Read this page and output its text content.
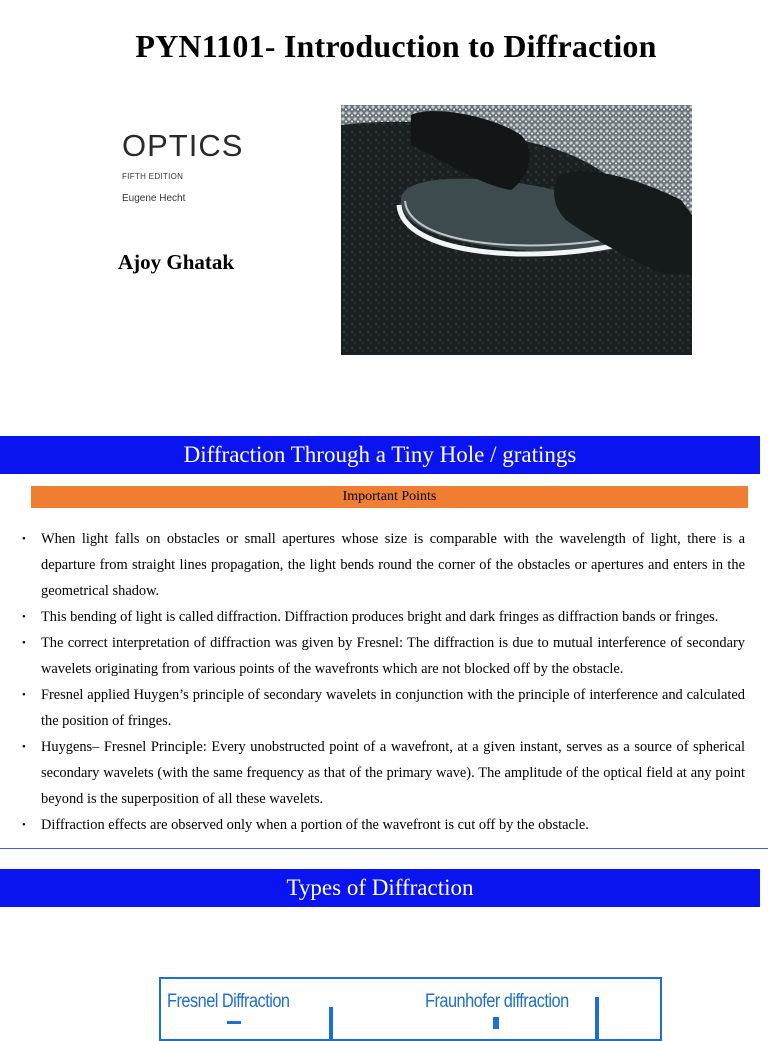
PYN1101- Introduction to Diffraction
OPTICS
FIFTH EDITION
Eugene Hecht
Ajoy Ghatak
Diffraction Through a Tiny Hole / gratings
Important Points
• When light falls on obstacles or small apertures whose size is comparable with the wavelength of light, there is a departure from straight lines propagation, the light bends round the corner of the obstacles or apertures and enters in the geometrical shadow.
• This bending of light is called diffraction. Diffraction produces bright and dark fringes as diffraction bands or fringes.
• The correct interpretation of diffraction was given by Fresnel: The diffraction is due to mutual interference of secondary wavelets originating from various points of the wavefronts which are not blocked off by the obstacle.
• Fresnel applied Huygen’s principle of secondary wavelets in conjunction with the principle of interference and calculated the position of fringes.
• Huygens– Fresnel Principle: Every unobstructed point of a wavefront, at a given instant, serves as a source of spherical secondary wavelets (with the same frequency as that of the primary wave). The amplitude of the optical field at any point beyond is the superposition of all these wavelets.
• Diffraction effects are observed only when a portion of the wavefront is cut off by the obstacle.
Types of Diffraction
Fresnel Diffraction	Fraunhofer diffraction
